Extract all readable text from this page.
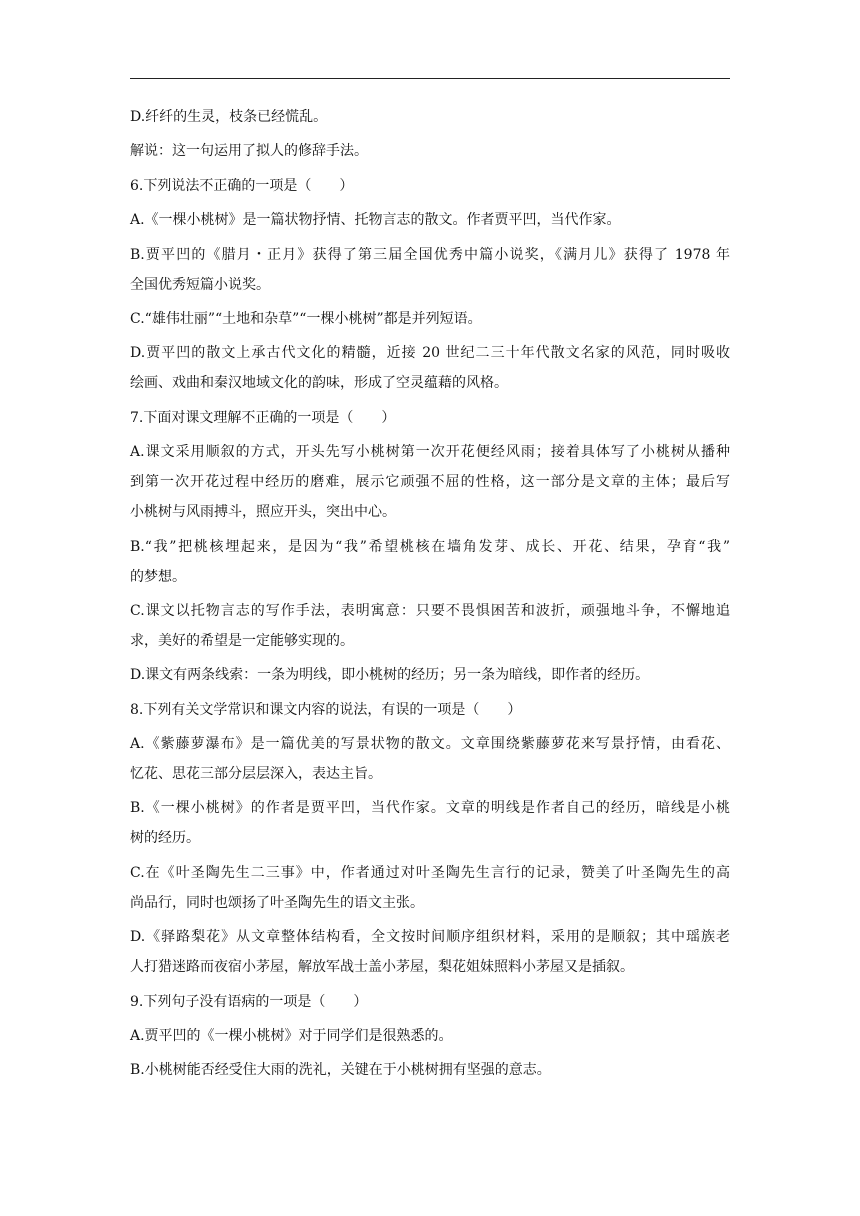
D.纤纤的生灵，枝条已经慌乱。
解说：这一句运用了拟人的修辞手法。
6.下列说法不正确的一项是（　　）
A.《一棵小桃树》是一篇状物抒情、托物言志的散文。作者贾平凹，当代作家。
B.贾平凹的《腊月・正月》获得了第三届全国优秀中篇小说奖，《满月儿》获得了 1978 年
全国优秀短篇小说奖。
C.“雄伟壮丽”“土地和杂草”“一棵小桃树”都是并列短语。
D.贾平凹的散文上承古代文化的精髓，近接 20 世纪二三十年代散文名家的风范，同时吸收
绘画、戏曲和秦汉地域文化的韵味，形成了空灵蕴藉的风格。
7.下面对课文理解不正确的一项是（　　）
A.课文采用顺叙的方式，开头先写小桃树第一次开花便经风雨；接着具体写了小桃树从播种
到第一次开花过程中经历的磨难，展示它顽强不屈的性格，这一部分是文章的主体；最后写
小桃树与风雨搏斗，照应开头，突出中心。
B.“我”把桃核埋起来，是因为“我”希望桃核在墙角发芽、成长、开花、结果，孕育“我”
的梦想。
C.课文以托物言志的写作手法，表明寓意：只要不畏惧困苦和波折，顽强地斗争，不懈地追
求，美好的希望是一定能够实现的。
D.课文有两条线索：一条为明线，即小桃树的经历；另一条为暗线，即作者的经历。
8.下列有关文学常识和课文内容的说法，有误的一项是（　　）
A.《紫藤萝瀑布》是一篇优美的写景状物的散文。文章围绕紫藤萝花来写景抒情，由看花、
忆花、思花三部分层层深入，表达主旨。
B.《一棵小桃树》的作者是贾平凹，当代作家。文章的明线是作者自己的经历，暗线是小桃
树的经历。
C.在《叶圣陶先生二三事》中，作者通过对叶圣陶先生言行的记录，赞美了叶圣陶先生的高
尚品行，同时也颂扬了叶圣陶先生的语文主张。
D.《驿路梨花》从文章整体结构看，全文按时间顺序组织材料，采用的是顺叙；其中瑶族老
人打猎迷路而夜宿小茅屋，解放军战士盖小茅屋，梨花姐妹照料小茅屋又是插叙。
9.下列句子没有语病的一项是（　　）
A.贾平凹的《一棵小桃树》对于同学们是很熟悉的。
B.小桃树能否经受住大雨的洗礼，关键在于小桃树拥有坚强的意志。
